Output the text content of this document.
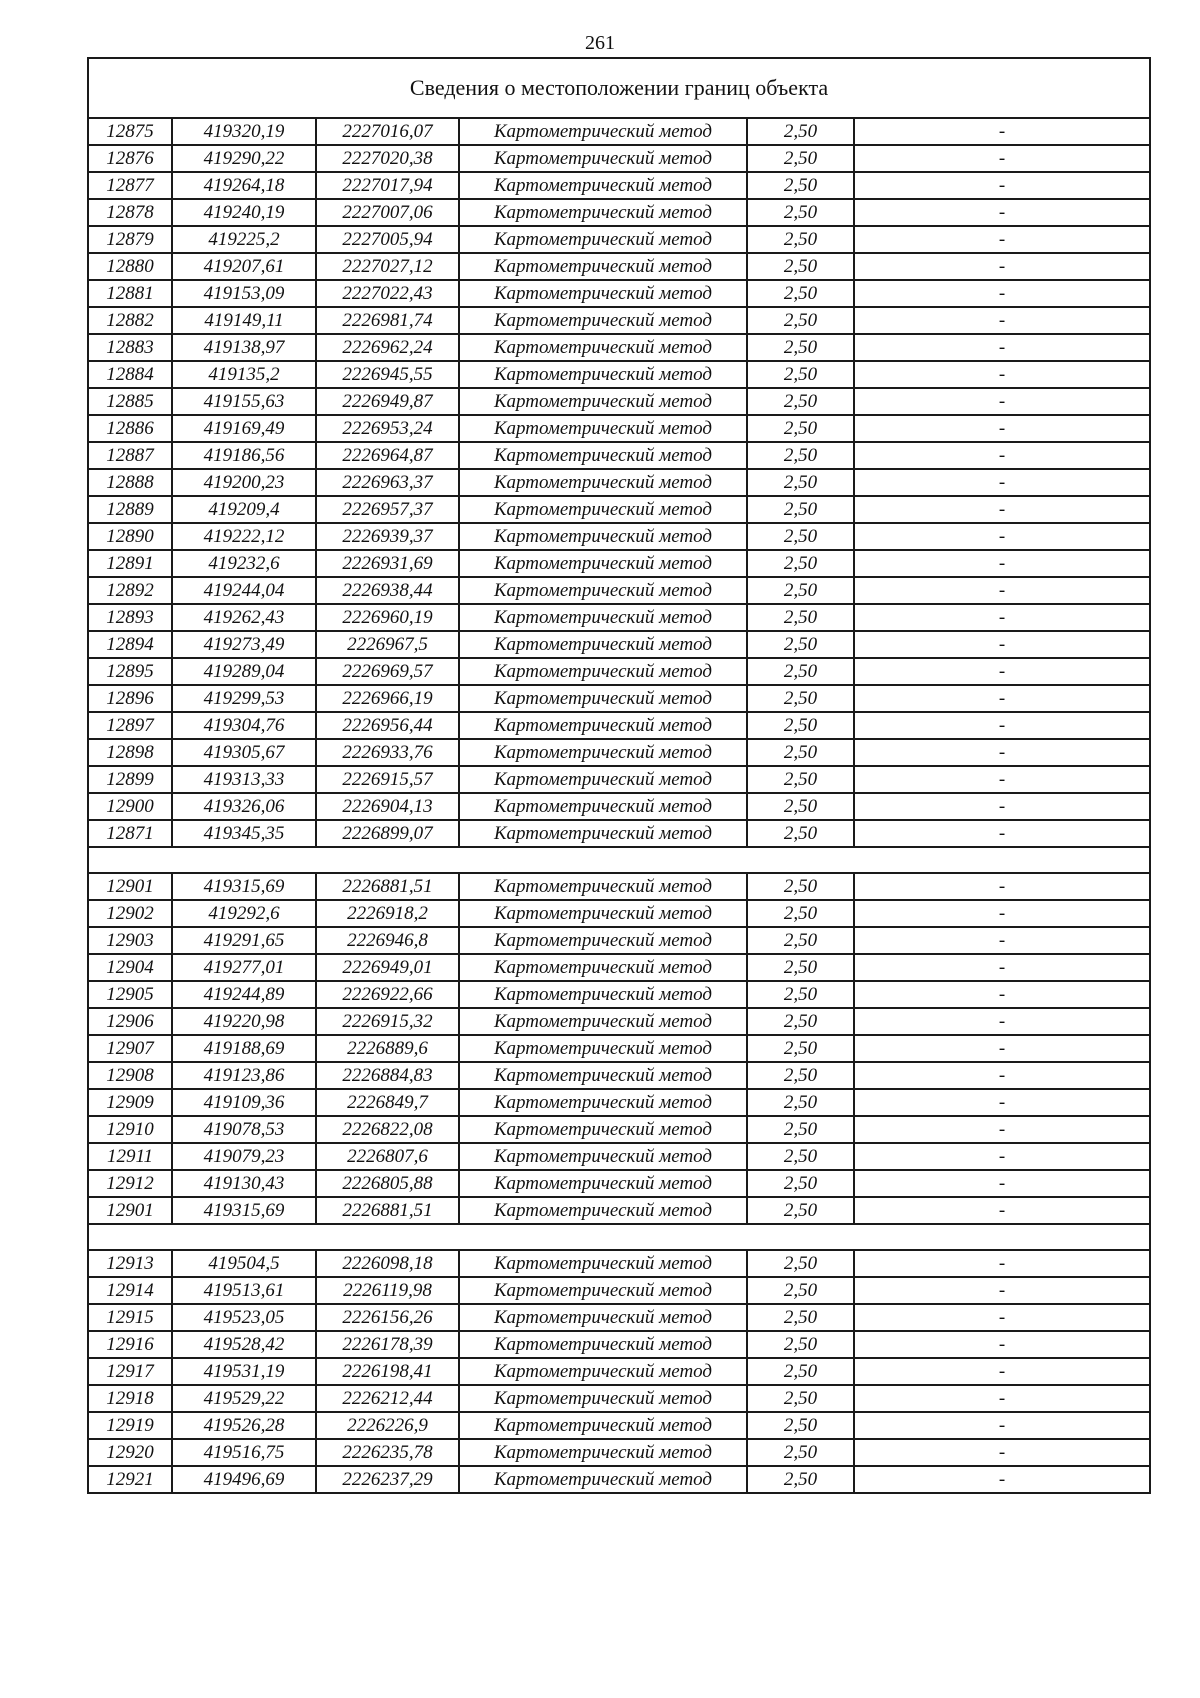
261
Сведения о местоположении границ объекта					
12875	419320,19	2227016,07	Картометрический метод	2,50	-
12876	419290,22	2227020,38	Картометрический метод	2,50	-
12877	419264,18	2227017,94	Картометрический метод	2,50	-
12878	419240,19	2227007,06	Картометрический метод	2,50	-
12879	419225,2	2227005,94	Картометрический метод	2,50	-
12880	419207,61	2227027,12	Картометрический метод	2,50	-
12881	419153,09	2227022,43	Картометрический метод	2,50	-
12882	419149,11	2226981,74	Картометрический метод	2,50	-
12883	419138,97	2226962,24	Картометрический метод	2,50	-
12884	419135,2	2226945,55	Картометрический метод	2,50	-
12885	419155,63	2226949,87	Картометрический метод	2,50	-
12886	419169,49	2226953,24	Картометрический метод	2,50	-
12887	419186,56	2226964,87	Картометрический метод	2,50	-
12888	419200,23	2226963,37	Картометрический метод	2,50	-
12889	419209,4	2226957,37	Картометрический метод	2,50	-
12890	419222,12	2226939,37	Картометрический метод	2,50	-
12891	419232,6	2226931,69	Картометрический метод	2,50	-
12892	419244,04	2226938,44	Картометрический метод	2,50	-
12893	419262,43	2226960,19	Картометрический метод	2,50	-
12894	419273,49	2226967,5	Картометрический метод	2,50	-
12895	419289,04	2226969,57	Картометрический метод	2,50	-
12896	419299,53	2226966,19	Картометрический метод	2,50	-
12897	419304,76	2226956,44	Картометрический метод	2,50	-
12898	419305,67	2226933,76	Картометрический метод	2,50	-
12899	419313,33	2226915,57	Картометрический метод	2,50	-
12900	419326,06	2226904,13	Картометрический метод	2,50	-
12871	419345,35	2226899,07	Картометрический метод	2,50	-

12901	419315,69	2226881,51	Картометрический метод	2,50	-
12902	419292,6	2226918,2	Картометрический метод	2,50	-
12903	419291,65	2226946,8	Картометрический метод	2,50	-
12904	419277,01	2226949,01	Картометрический метод	2,50	-
12905	419244,89	2226922,66	Картометрический метод	2,50	-
12906	419220,98	2226915,32	Картометрический метод	2,50	-
12907	419188,69	2226889,6	Картометрический метод	2,50	-
12908	419123,86	2226884,83	Картометрический метод	2,50	-
12909	419109,36	2226849,7	Картометрический метод	2,50	-
12910	419078,53	2226822,08	Картометрический метод	2,50	-
12911	419079,23	2226807,6	Картометрический метод	2,50	-
12912	419130,43	2226805,88	Картометрический метод	2,50	-
12901	419315,69	2226881,51	Картометрический метод	2,50	-

12913	419504,5	2226098,18	Картометрический метод	2,50	-
12914	419513,61	2226119,98	Картометрический метод	2,50	-
12915	419523,05	2226156,26	Картометрический метод	2,50	-
12916	419528,42	2226178,39	Картометрический метод	2,50	-
12917	419531,19	2226198,41	Картометрический метод	2,50	-
12918	419529,22	2226212,44	Картометрический метод	2,50	-
12919	419526,28	2226226,9	Картометрический метод	2,50	-
12920	419516,75	2226235,78	Картометрический метод	2,50	-
12921	419496,69	2226237,29	Картометрический метод	2,50	-
